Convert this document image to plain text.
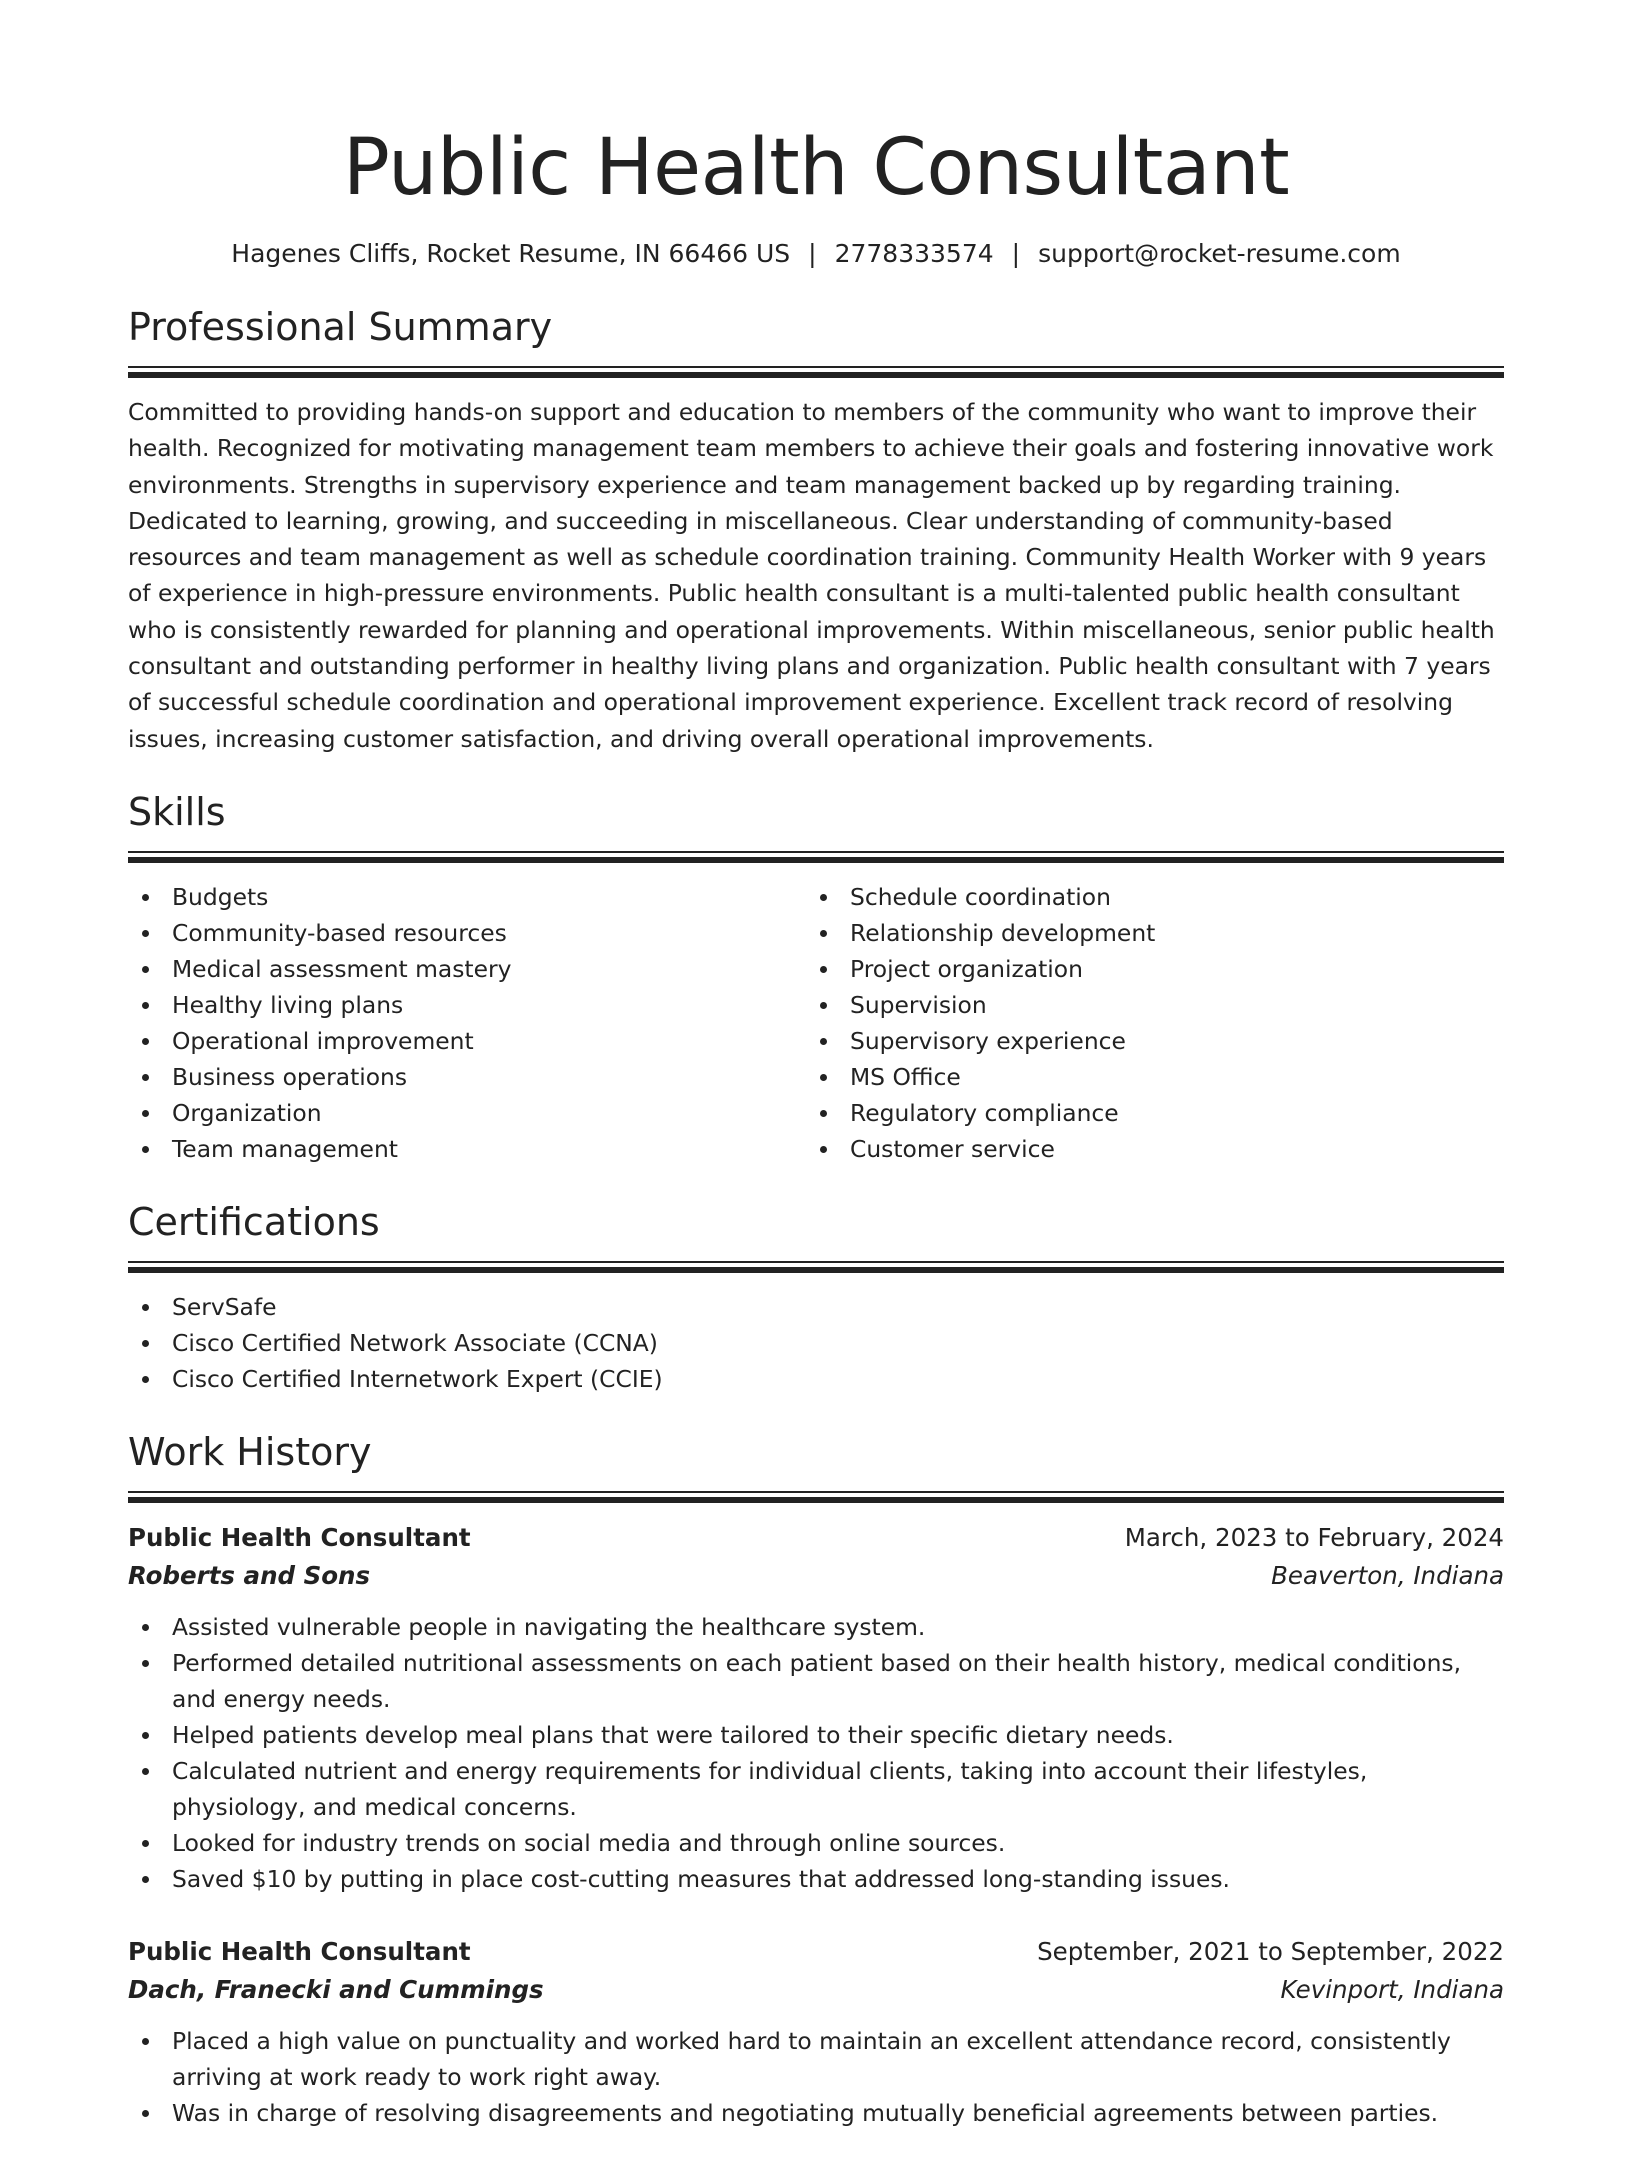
Public Health Consultant
Hagenes Cliffs, Rocket Resume, IN 66466 US | 2778333574 | support@rocket-resume.com
Professional Summary

Committed to providing hands-on support and education to members of the community who want to improve their health. Recognized for motivating management team members to achieve their goals and fostering innovative work environments. Strengths in supervisory experience and team management backed up by regarding training. Dedicated to learning, growing, and succeeding in miscellaneous. Clear understanding of community-based resources and team management as well as schedule coordination training. Community Health Worker with 9 years of experience in high-pressure environments. Public health consultant is a multi-talented public health consultant who is consistently rewarded for planning and operational improvements. Within miscellaneous, senior public health consultant and outstanding performer in healthy living plans and organization. Public health consultant with 7 years of successful schedule coordination and operational improvement experience. Excellent track record of resolving issues, increasing customer satisfaction, and driving overall operational improvements.

Skills
Budgets
Community-based resources
Medical assessment mastery
Healthy living plans
Operational improvement
Business operations
Organization
Team management
Schedule coordination
Relationship development
Project organization
Supervision
Supervisory experience
MS Office
Regulatory compliance
Customer service
Certifications
ServSafe
Cisco Certified Network Associate (CCNA)
Cisco Certified Internetwork Expert (CCIE)
Work History
Public Health Consultant	March, 2023 to February, 2024
Roberts and Sons	Beaverton, Indiana
Assisted vulnerable people in navigating the healthcare system.
Performed detailed nutritional assessments on each patient based on their health history, medical conditions, and energy needs.
Helped patients develop meal plans that were tailored to their specific dietary needs.
Calculated nutrient and energy requirements for individual clients, taking into account their lifestyles, physiology, and medical concerns.
Looked for industry trends on social media and through online sources.
Saved $10 by putting in place cost-cutting measures that addressed long-standing issues.
Public Health Consultant	September, 2021 to September, 2022
Dach, Franecki and Cummings	Kevinport, Indiana
Placed a high value on punctuality and worked hard to maintain an excellent attendance record, consistently arriving at work ready to work right away.
Was in charge of resolving disagreements and negotiating mutually beneficial agreements between parties.
